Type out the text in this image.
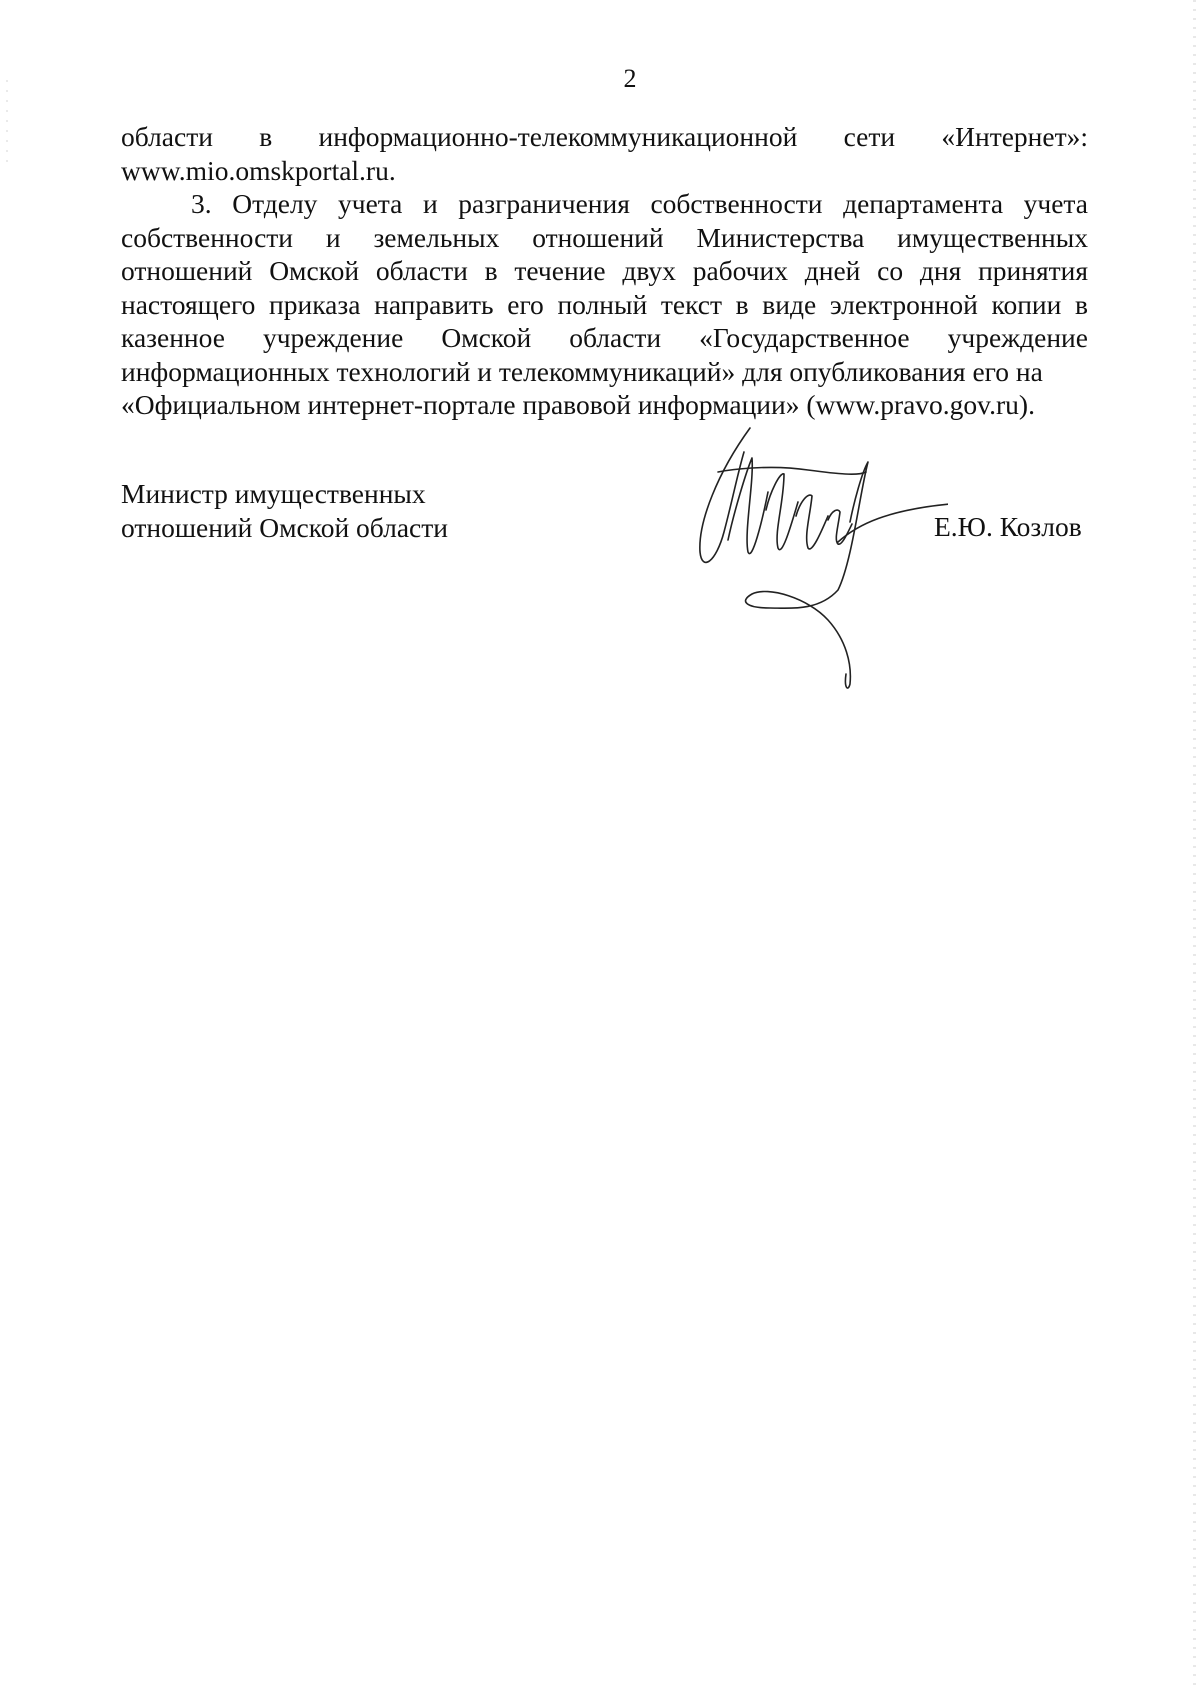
2

области в информационно-телекоммуникационной сети «Интернет»:
www.mio.omskportal.ru.

3. Отделу учета и разграничения собственности департамента учета собственности и земельных отношений Министерства имущественных отношений Омской области в течение двух рабочих дней со дня принятия настоящего приказа направить его полный текст в виде электронной копии в казенное учреждение Омской области «Государственное учреждение информационных технологий и телекоммуникаций» для опубликования его на
«Официальном интернет-портале правовой информации» (www.pravo.gov.ru).

Министр имущественных
отношений Омской области	Е.Ю. Козлов
